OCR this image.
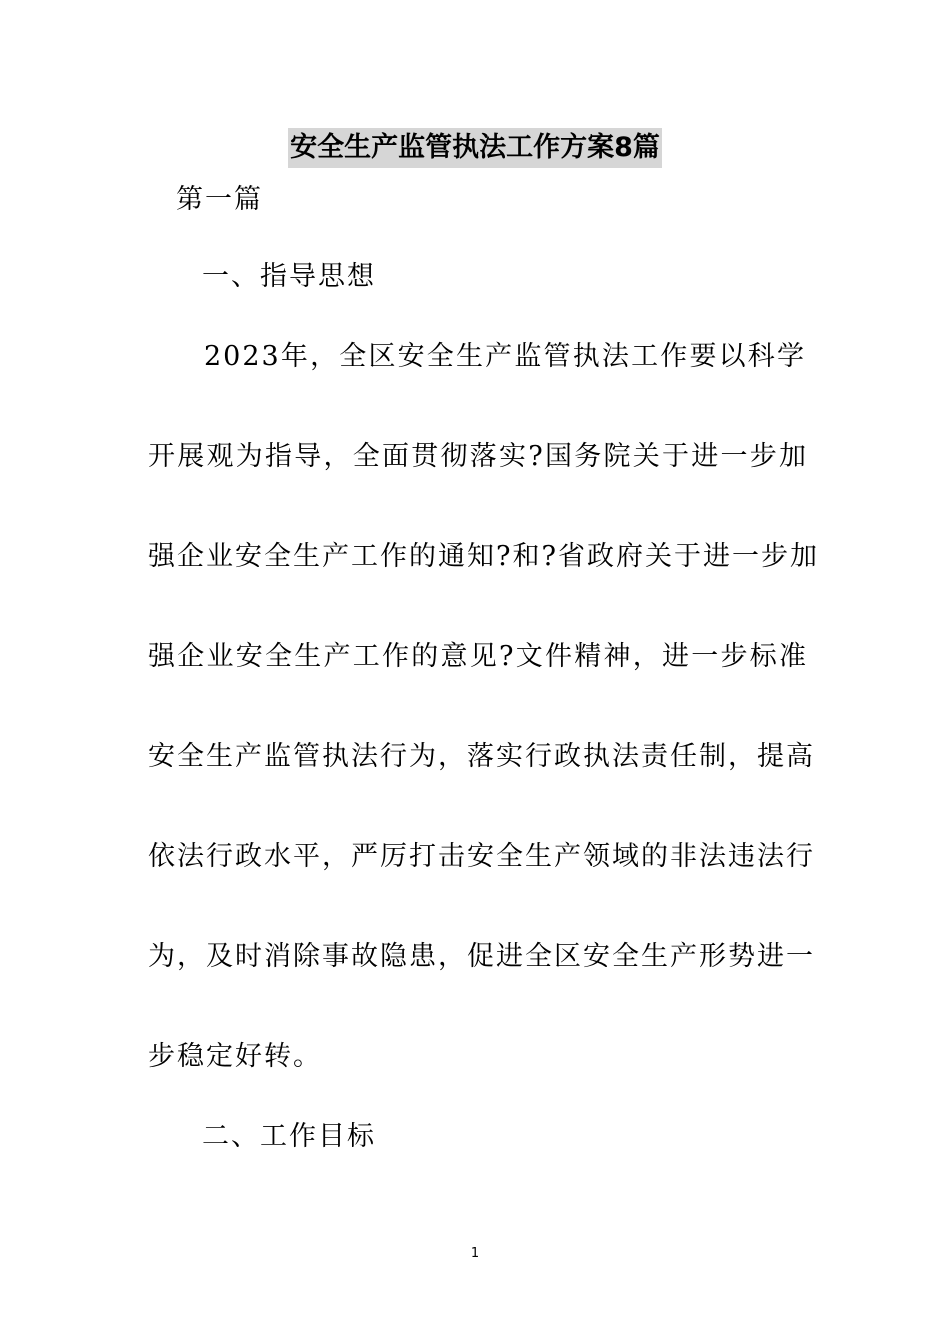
安全生产监管执法工作方案8篇
第一篇
一、指导思想
2023年，全区安全生产监管执法工作要以科学
开展观为指导，全面贯彻落实?国务院关于进一步加
强企业安全生产工作的通知?和?省政府关于进一步加
强企业安全生产工作的意见?文件精神，进一步标准
安全生产监管执法行为，落实行政执法责任制，提高
依法行政水平，严厉打击安全生产领域的非法违法行
为，及时消除事故隐患，促进全区安全生产形势进一
步稳定好转。
二、工作目标
1
